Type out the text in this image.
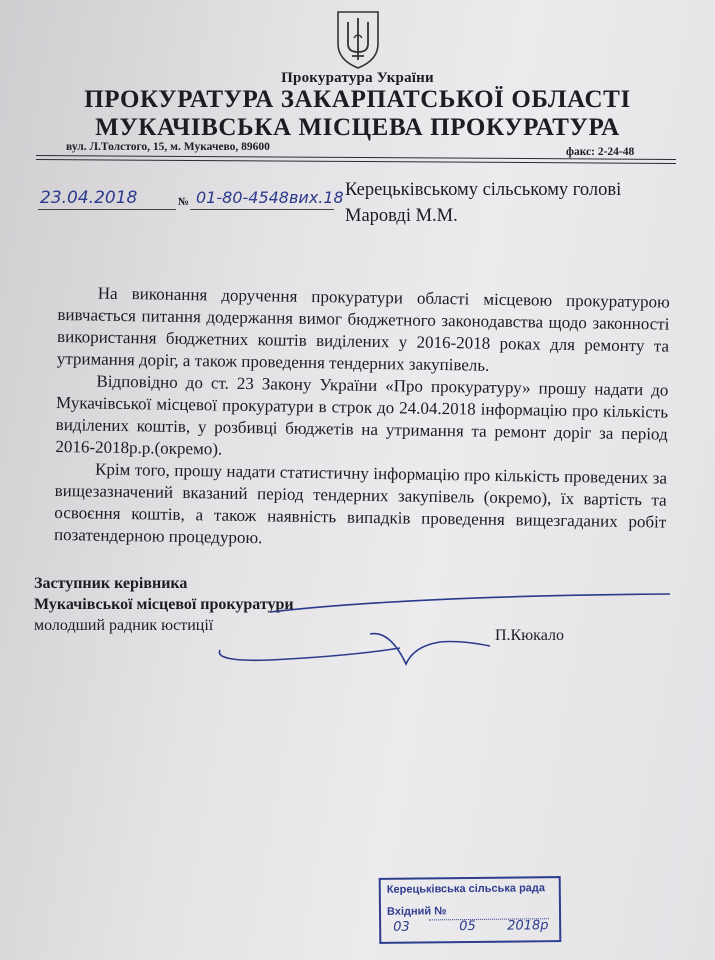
Прокуратура України
ПРОКУРАТУРА ЗАКАРПАТСЬКОЇ ОБЛАСТІ
МУКАЧІВСЬКА МІСЦЕВА ПРОКУРАТУРА
вул. Л.Толстого, 15, м. Мукачево, 89600	факс: 2-24-48
23.04.2018	№ 01-80-4548вих.18 Керецьківському сільському голові
Маровді М.М.

На виконання доручення прокуратури області місцевою прокуратурою вивчається питання додержання вимог бюджетного законодавства щодо законності використання бюджетних коштів виділених у 2016-2018 роках для ремонту та утримання доріг, а також проведення тендерних закупівель.

Відповідно до ст. 23 Закону України «Про прокуратуру» прошу надати до Мукачівської місцевої прокуратури в строк до 24.04.2018 інформацію про кількість виділених коштів, у розбивці бюджетів на утримання та ремонт доріг за період 2016-2018р.р.(окремо).

Крім того, прошу надати статистичну інформацію про кількість проведених за вищезазначений вказаний період тендерних закупівель (окремо), їх вартість та освоєння коштів, а також наявність випадків проведення вищезгаданих робіт позатендерною процедурою.

Заступник керівника
Мукачівської місцевої прокуратури
молодший радник юстиції
П.Кюкало
Керецьківська сільська рада
Вхідний №
03	05 2018р
